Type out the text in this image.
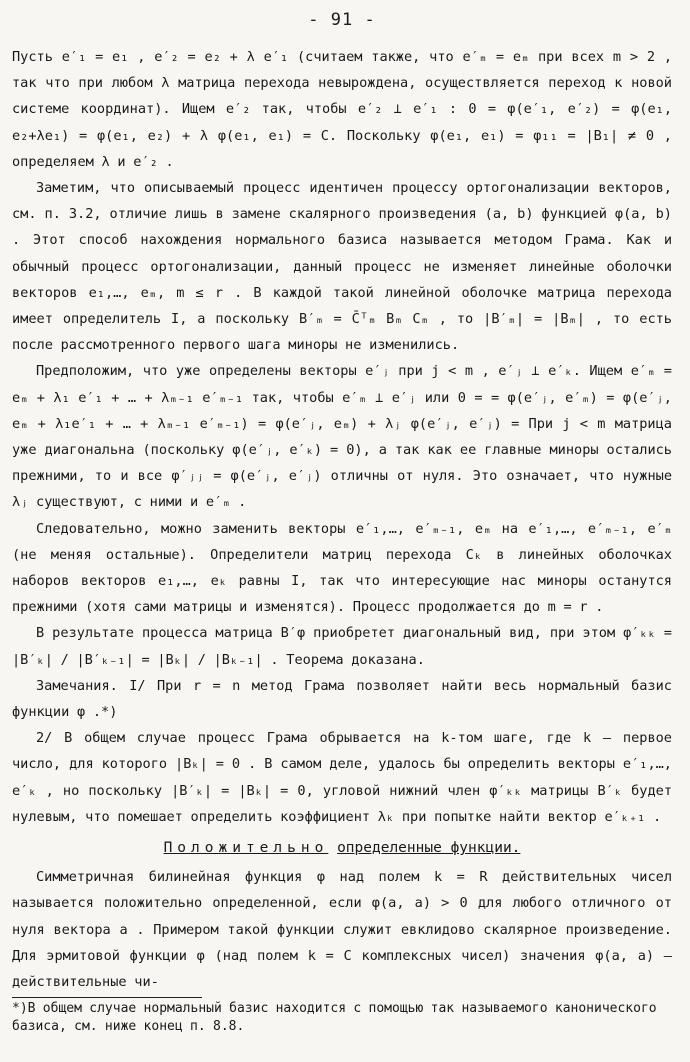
- 91 -

Пусть e′₁ = e₁ , e′₂ = e₂ + λ e′₁ (считаем также, что e′ₘ = eₘ при всех m > 2 , так что при любом λ матрица перехода невырождена, осуществляется переход к новой системе координат). Ищем e′₂ так, чтобы e′₂ ⊥ e′₁ : 0 = φ(e′₁, e′₂) = φ(e₁, e₂+λe₁) = φ(e₁, e₂) + λ φ(e₁, e₁) = C. Поскольку φ(e₁, e₁) = φ₁₁ = |B₁| ≠ 0 , определяем λ и e′₂ .

Заметим, что описываемый процесс идентичен процессу ортогонализации векторов, см. п. 3.2, отличие лишь в замене скалярного произведения (a, b) функцией φ(a, b) . Этот способ нахождения нормального базиса называется методом Грама. Как и обычный процесс ортогонализации, данный процесс не изменяет линейные оболочки векторов e₁,…, eₘ, m ≤ r . В каждой такой линейной оболочке матрица перехода имеет определитель I, а поскольку B′ₘ = C̄ᵀₘ Bₘ Cₘ , то |B′ₘ| = |Bₘ| , то есть после рассмотренного первого шага миноры не изменились.

Предположим, что уже определены векторы e′ⱼ при j < m , e′ⱼ ⊥ e′ₖ. Ищем e′ₘ = eₘ + λ₁ e′₁ + … + λₘ₋₁ e′ₘ₋₁ так, чтобы e′ₘ ⊥ e′ⱼ или 0 = = φ(e′ⱼ, e′ₘ) = φ(e′ⱼ, eₘ + λ₁e′₁ + … + λₘ₋₁ e′ₘ₋₁) = φ(e′ⱼ, eₘ) + λⱼ φ(e′ⱼ, e′ⱼ) = При j < m матрица уже диагональна (поскольку φ(e′ⱼ, e′ₖ) = 0), а так как ее главные миноры остались прежними, то и все φ′ⱼⱼ = φ(e′ⱼ, e′ⱼ) отличны от нуля. Это означает, что нужные λⱼ существуют, с ними и e′ₘ .

Следовательно, можно заменить векторы e′₁,…, e′ₘ₋₁, eₘ на e′₁,…, e′ₘ₋₁, e′ₘ (не меняя остальные). Определители матриц перехода Cₖ в линейных оболочках наборов векторов e₁,…, eₖ равны I, так что интересующие нас миноры останутся прежними (хотя сами матрицы и изменятся). Процесс продолжается до m = r .

В результате процесса матрица B′φ приобретет диагональный вид, при этом φ′ₖₖ = |B′ₖ| / |B′ₖ₋₁| = |Bₖ| / |Bₖ₋₁| . Теорема доказана.

Замечания. I/ При r = n метод Грама позволяет найти весь нормальный базис функции φ .*)

2/ В общем случае процесс Грама обрывается на k-том шаге, где k – первое число, для которого |Bₖ| = 0 . В самом деле, удалось бы определить векторы e′₁,…, e′ₖ , но поскольку |B′ₖ| = |Bₖ| = 0, угловой нижний член φ′ₖₖ матрицы B′ₖ будет нулевым, что помешает определить коэффициент λₖ при попытке найти вектор e′ₖ₊₁ .

Положительно определенные функции.

Симметричная билинейная функция φ над полем k = R действительных чисел называется положительно определенной, если φ(a, a) > 0 для любого отличного от нуля вектора a . Примером такой функции служит евклидово скалярное произведение. Для эрмитовой функции φ (над полем k = C комплексных чисел) значения φ(a, a) – действительные чи-

*)В общем случае нормальный базис находится с помощью так называемого канонического базиса, см. ниже конец п. 8.8.
